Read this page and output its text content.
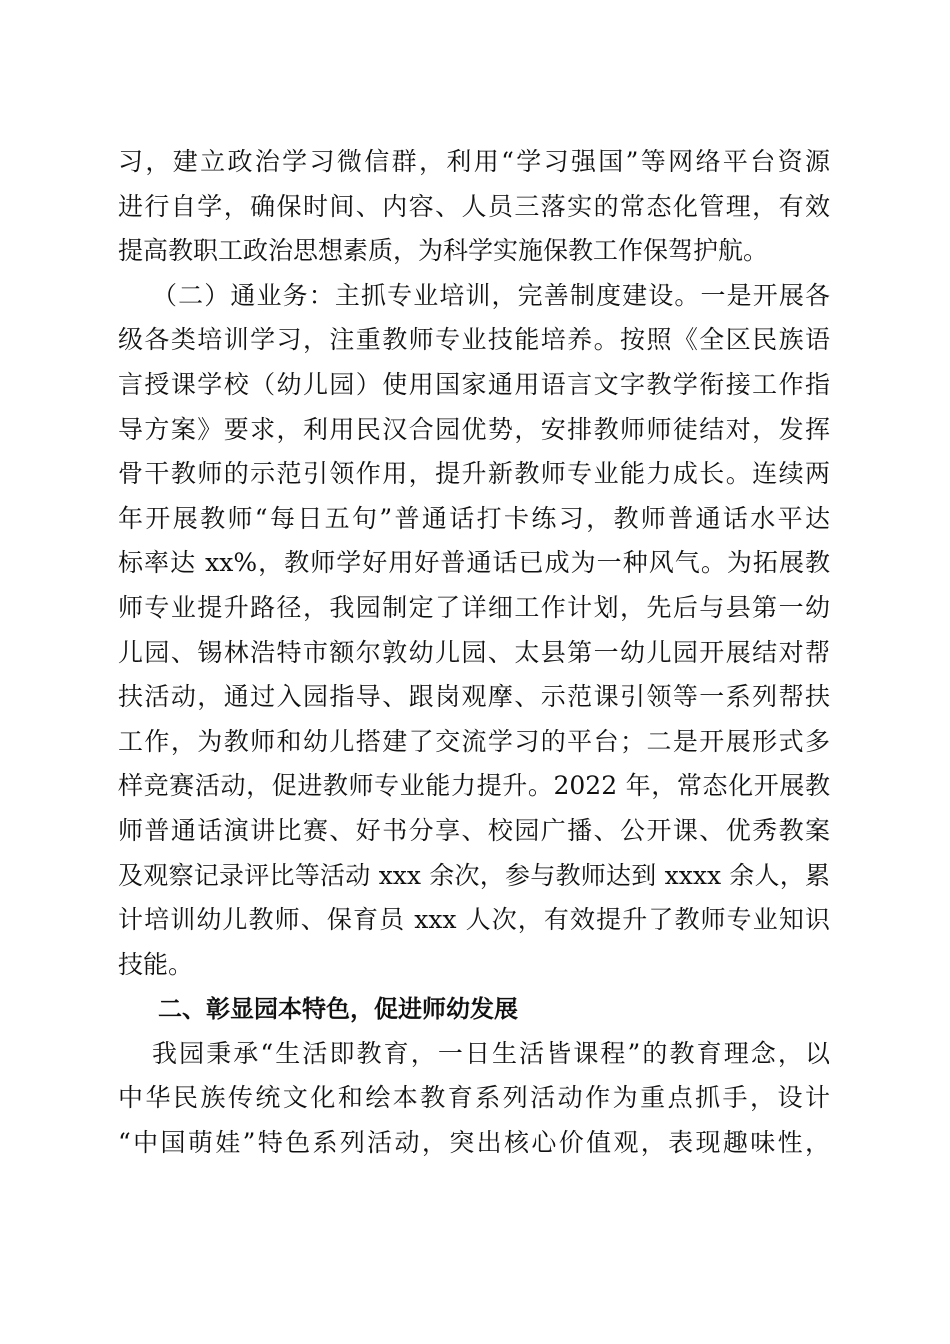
习，建立政治学习微信群，利用“学习强国”等网络平台资源
进行自学，确保时间、内容、人员三落实的常态化管理，有效
提高教职工政治思想素质，为科学实施保教工作保驾护航。
（二）通业务：主抓专业培训，完善制度建设。一是开展各
级各类培训学习，注重教师专业技能培养。按照《全区民族语
言授课学校（幼儿园）使用国家通用语言文字教学衔接工作指
导方案》要求，利用民汉合园优势，安排教师师徒结对，发挥
骨干教师的示范引领作用，提升新教师专业能力成长。连续两
年开展教师“每日五句”普通话打卡练习，教师普通话水平达
标率达 xx%，教师学好用好普通话已成为一种风气。为拓展教
师专业提升路径，我园制定了详细工作计划，先后与县第一幼
儿园、锡林浩特市额尔敦幼儿园、太县第一幼儿园开展结对帮
扶活动，通过入园指导、跟岗观摩、示范课引领等一系列帮扶
工作，为教师和幼儿搭建了交流学习的平台；二是开展形式多
样竞赛活动，促进教师专业能力提升。2022 年，常态化开展教
师普通话演讲比赛、好书分享、校园广播、公开课、优秀教案
及观察记录评比等活动 xxx 余次，参与教师达到 xxxx 余人，累
计培训幼儿教师、保育员 xxx 人次，有效提升了教师专业知识
技能。
二、彰显园本特色，促进师幼发展
我园秉承“生活即教育，一日生活皆课程”的教育理念，以
中华民族传统文化和绘本教育系列活动作为重点抓手，设计
“中国萌娃”特色系列活动，突出核心价值观，表现趣味性，
